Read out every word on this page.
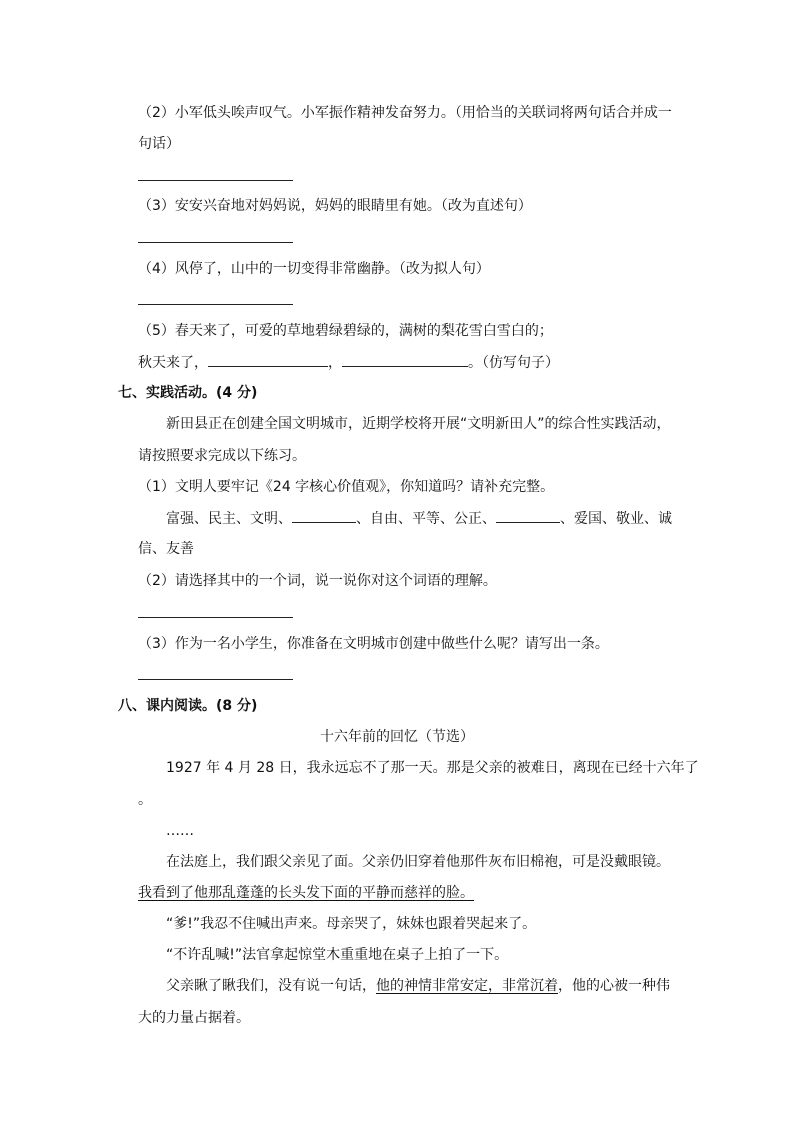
（2）小军低头唉声叹气。小军振作精神发奋努力。（用恰当的关联词将两句话合并成一
句话）
（3）安安兴奋地对妈妈说，妈妈的眼睛里有她。（改为直述句）
（4）风停了，山中的一切变得非常幽静。（改为拟人句）
（5）春天来了，可爱的草地碧绿碧绿的，满树的梨花雪白雪白的；
秋天来了，	，	。（仿写句子）
七、实践活动。(4 分)
新田县正在创建全国文明城市，近期学校将开展“文明新田人”的综合性实践活动，
请按照要求完成以下练习。
（1）文明人要牢记《24 字核心价值观》，你知道吗？请补充完整。
富强、民主、文明、	、自由、平等、公正、	、爱国、敬业、诚
信、友善
（2）请选择其中的一个词，说一说你对这个词语的理解。
（3）作为一名小学生，你准备在文明城市创建中做些什么呢？请写出一条。
八、课内阅读。(8 分)
十六年前的回忆（节选）
1927 年 4 月 28 日，我永远忘不了那一天。那是父亲的被难日，离现在已经十六年了
。
……
在法庭上，我们跟父亲见了面。父亲仍旧穿着他那件灰布旧棉袍，可是没戴眼镜。
我看到了他那乱蓬蓬的长头发下面的平静而慈祥的脸。
“爹!”我忍不住喊出声来。母亲哭了，妹妹也跟着哭起来了。
“不许乱喊!”法官拿起惊堂木重重地在桌子上拍了一下。
父亲瞅了瞅我们，没有说一句话，他的神情非常安定，非常沉着，他的心被一种伟
大的力量占据着。
